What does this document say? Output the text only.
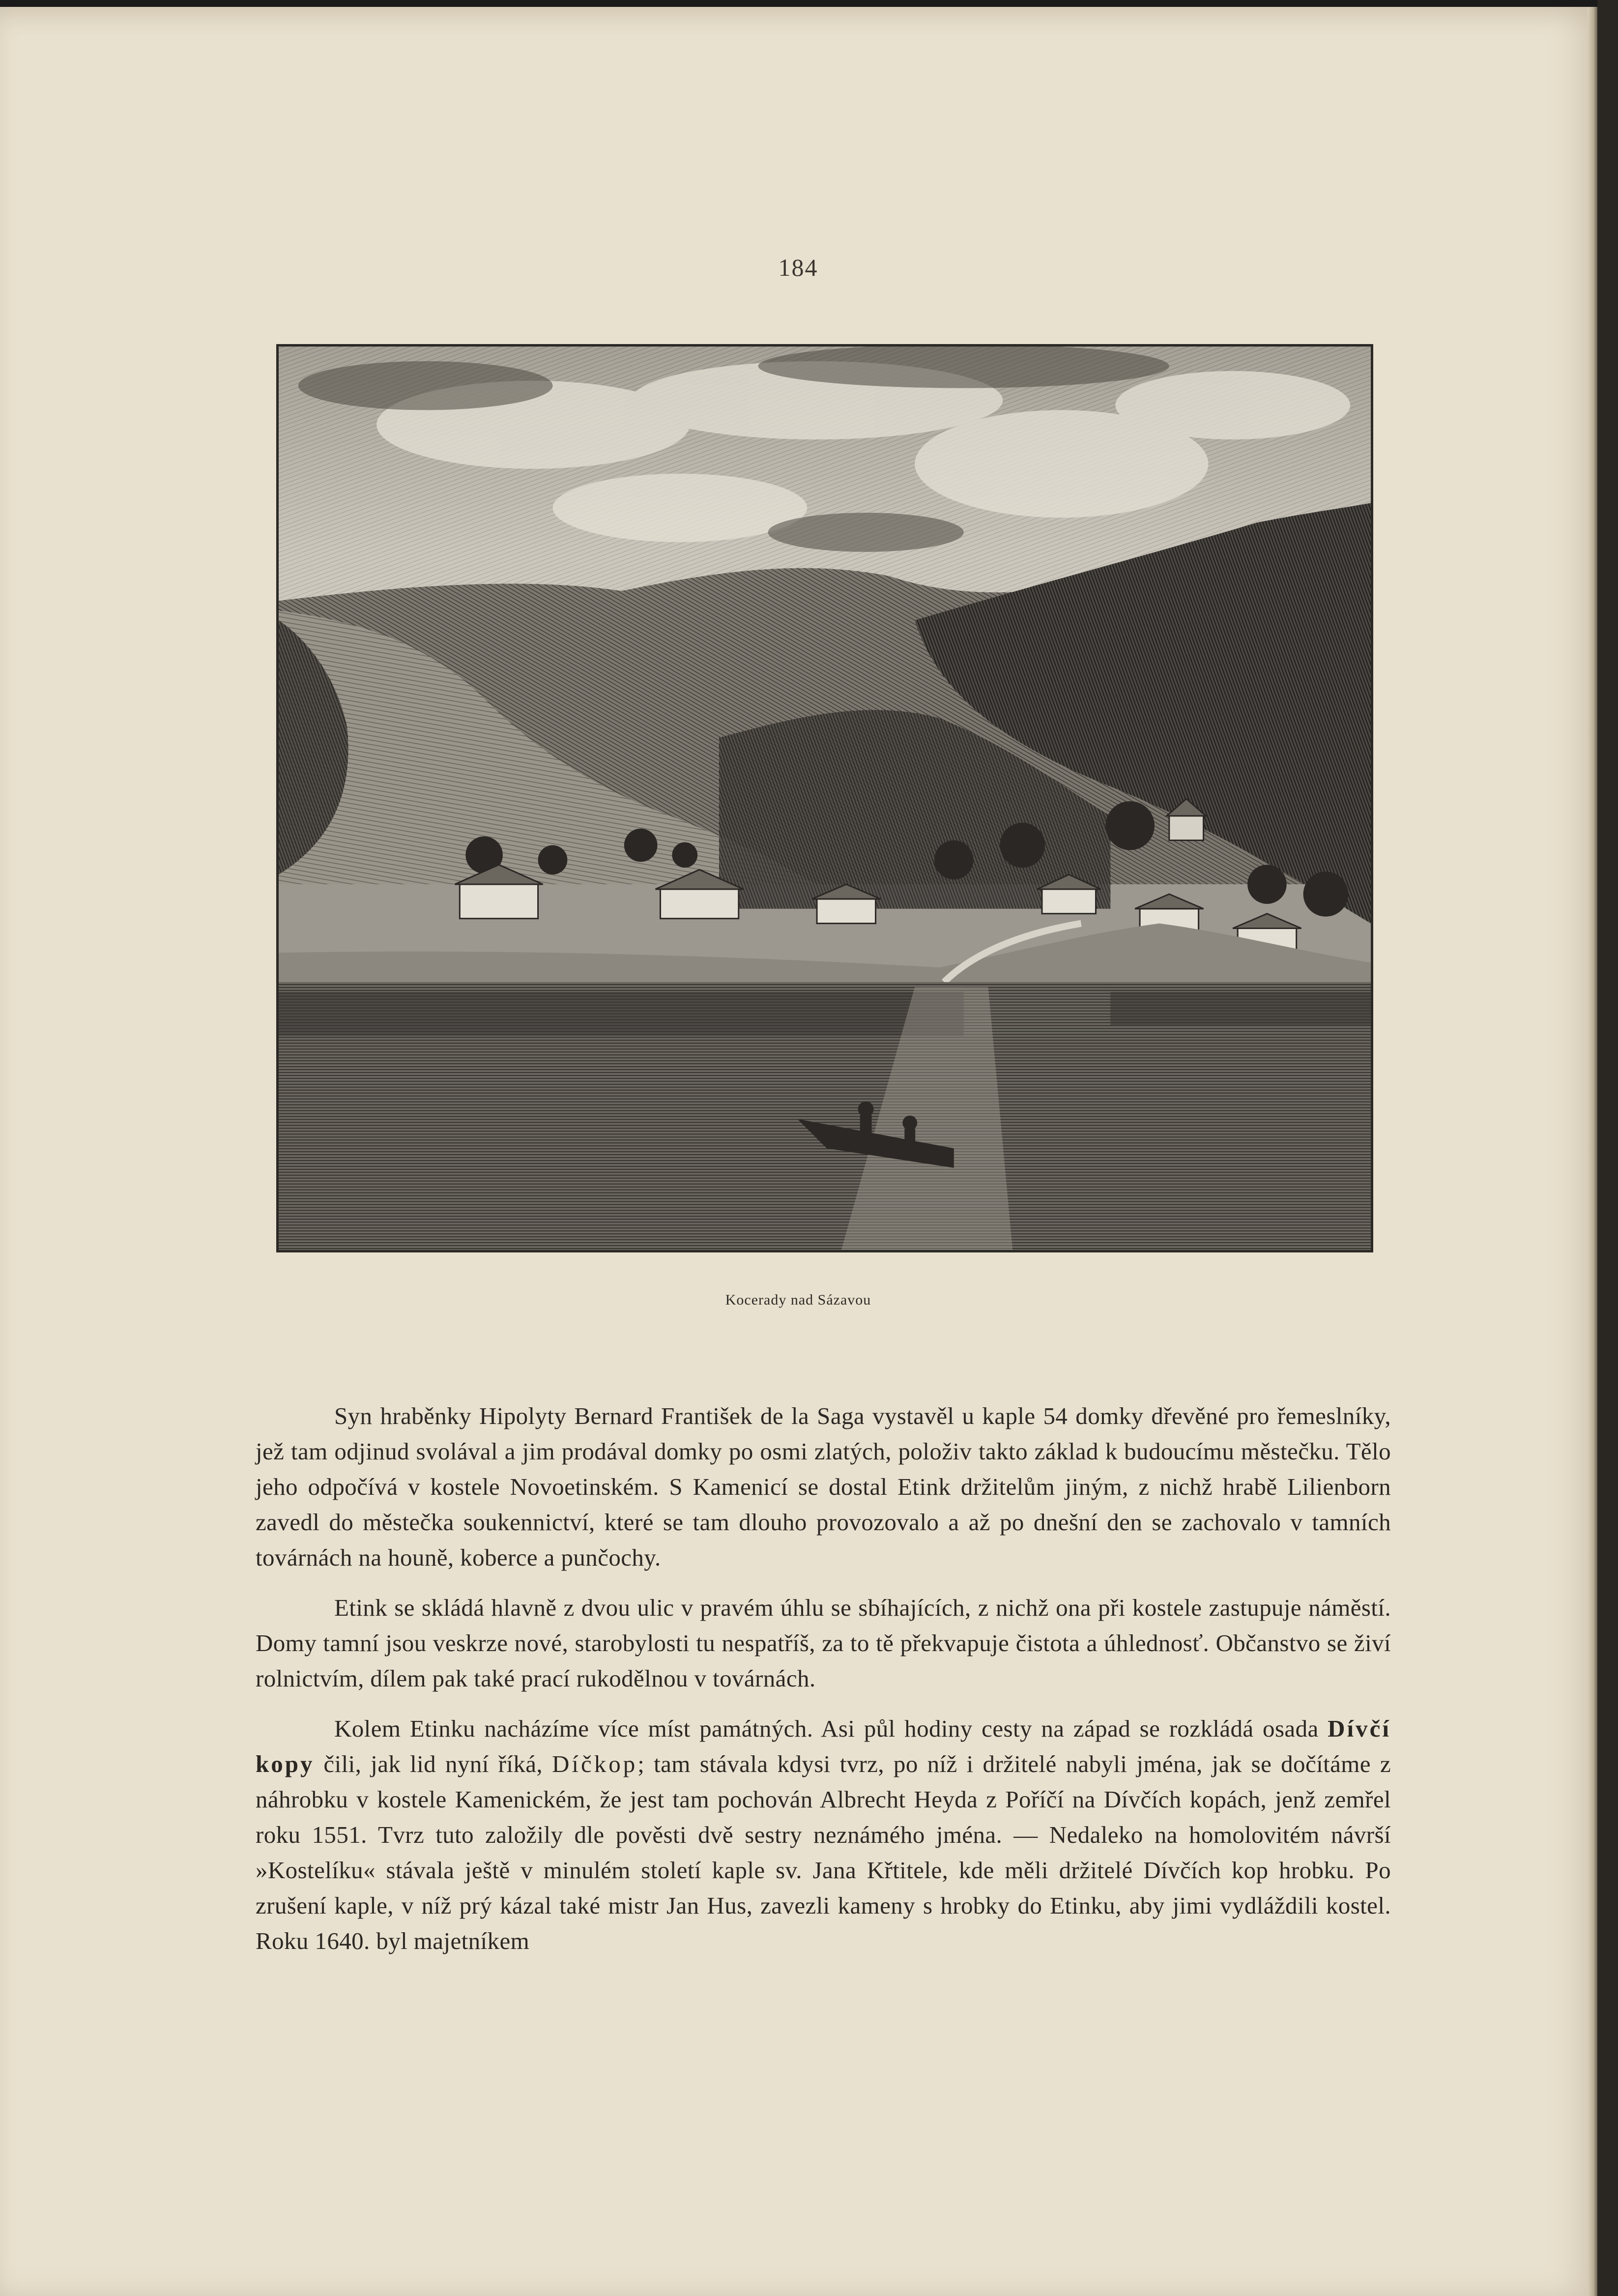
184
Kocerady nad Sázavou

Syn hraběnky Hipolyty Bernard František de la Saga vystavěl u kaple 54 domky dřevěné pro řemeslníky, jež tam odjinud svolával a jim prodával domky po osmi zlatých, položiv takto základ k budoucímu městečku. Tělo jeho odpočívá v kostele Novoetinském. S Kamenicí se dostal Etink držitelům jiným, z nichž hrabě Lilienborn zavedl do městečka soukennictví, které se tam dlouho provozovalo a až po dnešní den se zachovalo v tamních továrnách na houně, koberce a punčochy.

Etink se skládá hlavně z dvou ulic v pravém úhlu se sbíhajících, z nichž ona při kostele zastupuje náměstí. Domy tamní jsou veskrze nové, starobylosti tu nespatříš, za to tě překvapuje čistota a úhlednosť. Občanstvo se živí rolnictvím, dílem pak také prací rukodělnou v továrnách.

Kolem Etinku nacházíme více míst památných. Asi půl hodiny cesty na západ se rozkládá osada Dívčí kopy čili, jak lid nyní říká, Díčkop; tam stávala kdysi tvrz, po níž i držitelé nabyli jména, jak se dočítáme z náhrobku v kostele Kamenickém, že jest tam pochován Albrecht Heyda z Poříčí na Dívčích kopách, jenž zemřel roku 1551. Tvrz tuto založily dle pověsti dvě sestry neznámého jména. — Nedaleko na homolovitém návrší »Kostelíku« stávala ještě v minulém století kaple sv. Jana Křtitele, kde měli držitelé Dívčích kop hrobku. Po zrušení kaple, v níž prý kázal také mistr Jan Hus, zavezli kameny s hrobky do Etinku, aby jimi vydláždili kostel. Roku 1640. byl majetníkem
